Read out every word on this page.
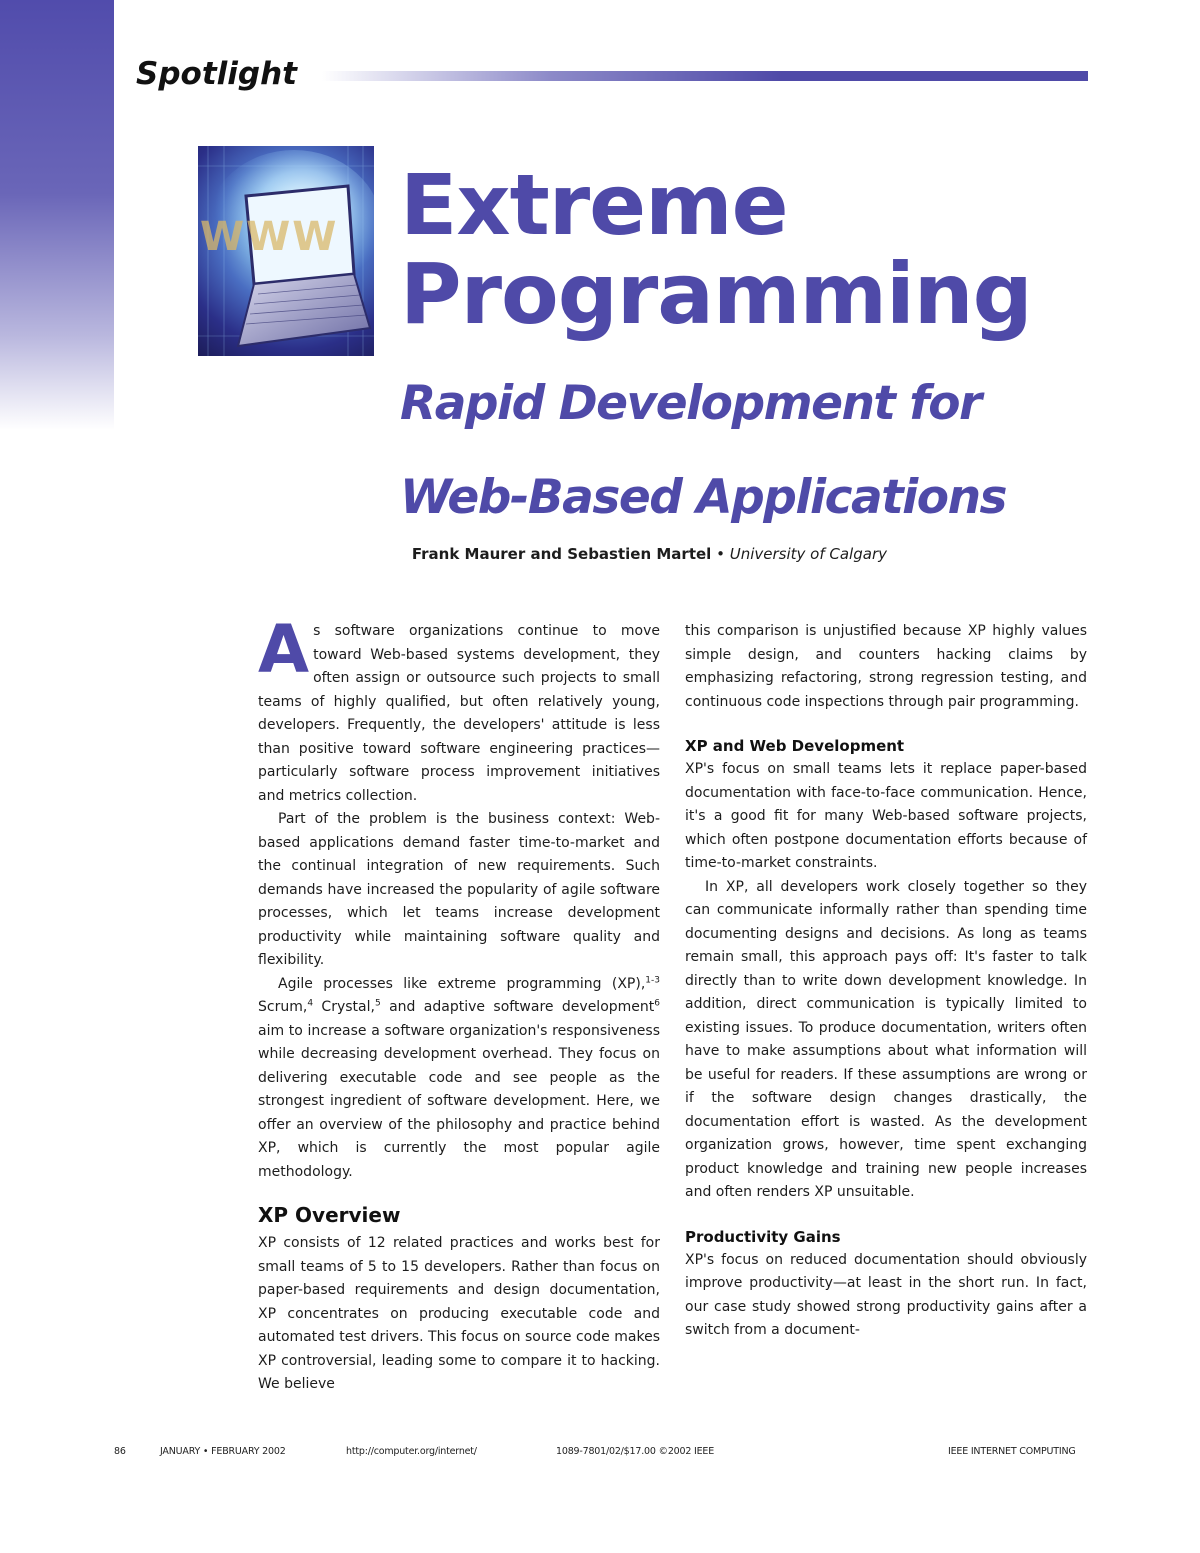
Spotlight
WWW Extreme
Programming
Rapid Development for
Web-Based Applications
Frank Maurer and Sebastien Martel • University of Calgary

As software organizations continue to move toward Web-based systems development, they often assign or outsource such projects to small teams of highly qualified, but often relatively young, developers. Frequently, the developers' attitude is less than positive toward software engineering practices—particularly software process improvement initiatives and metrics collection.

Part of the problem is the business context: Web-based applications demand faster time-to-market and the continual integration of new requirements. Such demands have increased the popularity of agile software processes, which let teams increase development productivity while maintaining software quality and flexibility.

Agile processes like extreme programming (XP),$^{1-3}$ Scrum,$^4$ Crystal,$^5$ and adaptive software development$^6$ aim to increase a software organization's responsiveness while decreasing development overhead. They focus on delivering executable code and see people as the strongest ingredient of software development. Here, we offer an overview of the philosophy and practice behind XP, which is currently the most popular agile methodology.

XP Overview

XP consists of 12 related practices and works best for small teams of 5 to 15 developers. Rather than focus on paper-based requirements and design documentation, XP concentrates on producing executable code and automated test drivers. This focus on source code makes XP controversial, leading some to compare it to hacking. We believe

this comparison is unjustified because XP highly values simple design, and counters hacking claims by emphasizing refactoring, strong regression testing, and continuous code inspections through pair programming.

XP and Web Development

XP's focus on small teams lets it replace paper-based documentation with face-to-face communication. Hence, it's a good fit for many Web-based software projects, which often postpone documentation efforts because of time-to-market constraints.

In XP, all developers work closely together so they can communicate informally rather than spending time documenting designs and decisions. As long as teams remain small, this approach pays off: It's faster to talk directly than to write down development knowledge. In addition, direct communication is typically limited to existing issues. To produce documentation, writers often have to make assumptions about what information will be useful for readers. If these assumptions are wrong or if the software design changes drastically, the documentation effort is wasted. As the development organization grows, however, time spent exchanging product knowledge and training new people increases and often renders XP unsuitable.

Productivity Gains

XP's focus on reduced documentation should obviously improve productivity—at least in the short run. In fact, our case study showed strong productivity gains after a switch from a document-

86	JANUARY • FEBRUARY 2002	http://computer.org/internet/	1089-7801/02/$17.00 ©2002 IEEE	IEEE INTERNET COMPUTING
